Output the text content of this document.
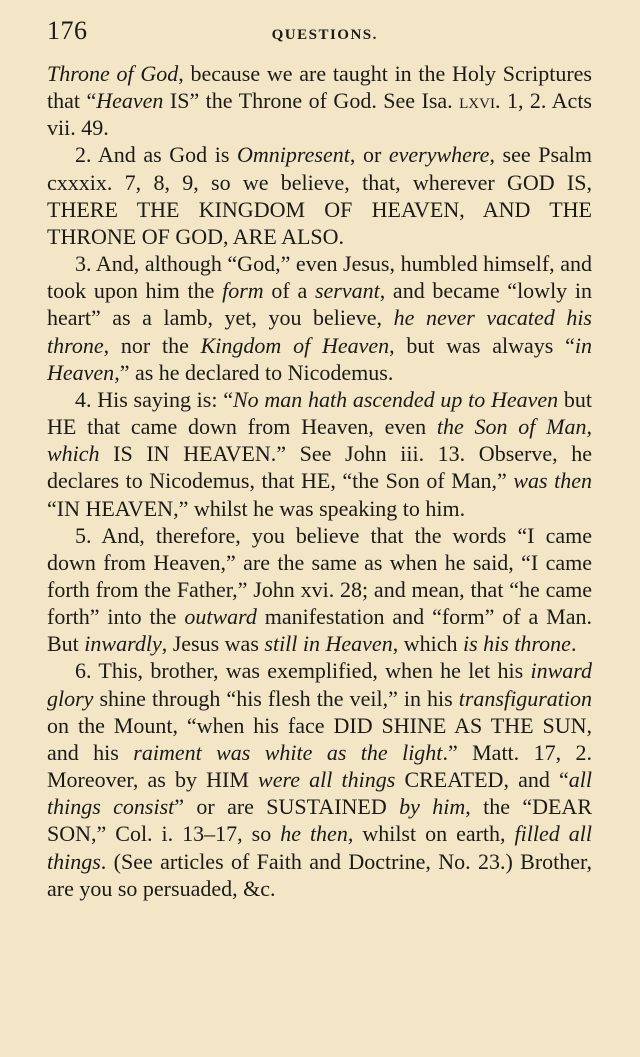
176	QUESTIONS.

Throne of God, because we are taught in the Holy Scriptures that “Heaven IS” the Throne of God. See Isa. lxvi. 1, 2. Acts vii. 49.

2. And as God is Omnipresent, or everywhere, see Psalm cxxxix. 7, 8, 9, so we believe, that, wherever GOD IS, THERE THE KINGDOM OF HEAVEN, AND THE THRONE OF GOD, ARE ALSO.

3. And, although “God,” even Jesus, humbled himself, and took upon him the form of a servant, and became “lowly in heart” as a lamb, yet, you believe, he never vacated his throne, nor the Kingdom of Heaven, but was always “in Heaven,” as he declared to Nicodemus.

4. His saying is: “No man hath ascended up to Heaven but HE that came down from Heaven, even the Son of Man, which IS IN HEAVEN.” See John iii. 13. Observe, he declares to Nicodemus, that HE, “the Son of Man,” was then “IN HEAVEN,” whilst he was speaking to him.

5. And, therefore, you believe that the words “I came down from Heaven,” are the same as when he said, “I came forth from the Father,” John xvi. 28; and mean, that “he came forth” into the outward manifestation and “form” of a Man. But inwardly, Jesus was still in Heaven, which is his throne.

6. This, brother, was exemplified, when he let his inward glory shine through “his flesh the veil,” in his transfiguration on the Mount, “when his face DID SHINE AS THE SUN, and his raiment was white as the light.” Matt. 17, 2. Moreover, as by HIM were all things CREATED, and “all things consist” or are SUSTAINED by him, the “DEAR SON,” Col. i. 13–17, so he then, whilst on earth, filled all things. (See articles of Faith and Doctrine, No. 23.) Brother, are you so persuaded, &c.
